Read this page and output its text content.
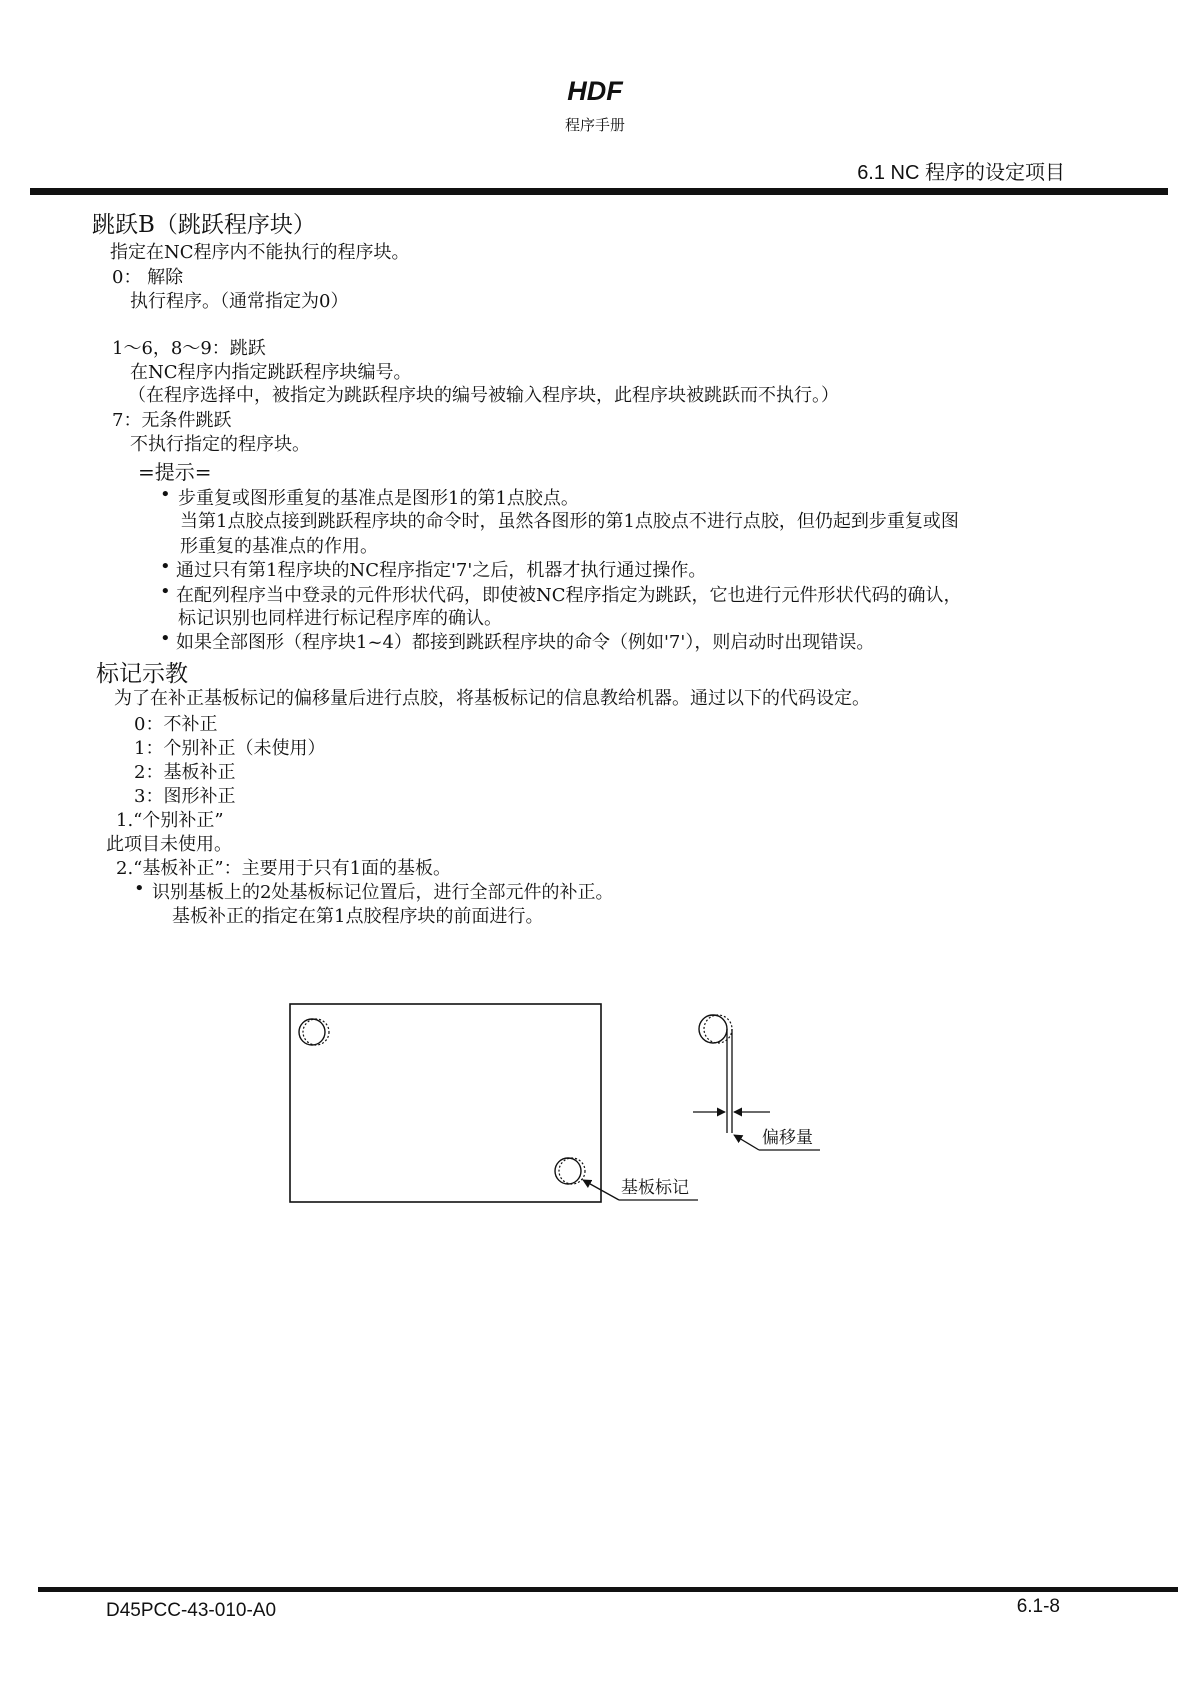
HDF
程序手册
6.1 NC 程序的设定项目
跳跃B（跳跃程序块）
指定在NC程序内不能执行的程序块。
0： 解除
执行程序。（通常指定为0）
1～6，8～9：跳跃
在NC程序内指定跳跃程序块编号。
（在程序选择中，被指定为跳跃程序块的编号被输入程序块，此程序块被跳跃而不执行。）
7：无条件跳跃
不执行指定的程序块。
=提示=
• 步重复或图形重复的基准点是图形1的第1点胶点。
当第1点胶点接到跳跃程序块的命令时，虽然各图形的第1点胶点不进行点胶，但仍起到步重复或图
形重复的基准点的作用。
• 通过只有第1程序块的NC程序指定'7'之后，机器才执行通过操作。
• 在配列程序当中登录的元件形状代码，即使被NC程序指定为跳跃，它也进行元件形状代码的确认，
标记识别也同样进行标记程序库的确认。
• 如果全部图形（程序块1~4）都接到跳跃程序块的命令（例如'7'），则启动时出现错误。
标记示教
为了在补正基板标记的偏移量后进行点胶，将基板标记的信息教给机器。通过以下的代码设定。
0：不补正
1：个别补正（未使用）
2：基板补正
3：图形补正
1.“个别补正”
此项目未使用。
2.“基板补正”：主要用于只有1面的基板。
• 识别基板上的2处基板标记位置后，进行全部元件的补正。
基板补正的指定在第1点胶程序块的前面进行。
基板标记
偏移量
D45PCC-43-010-A0	6.1-8
